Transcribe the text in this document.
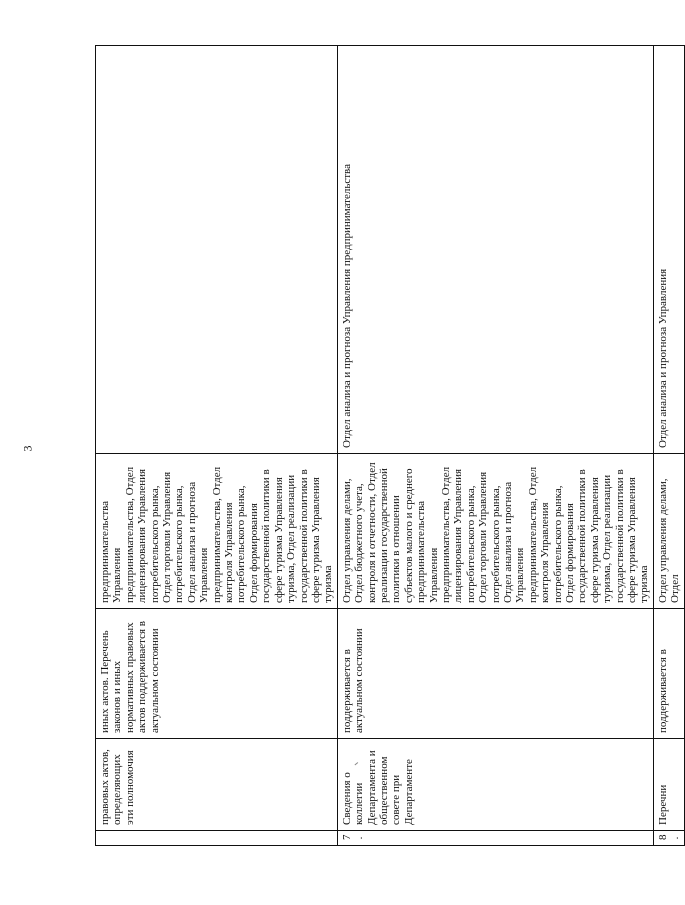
3
	правовых актов, определяющих эти полномочия	иных актов. Перечень законов и иных нормативных правовых актов поддерживается в актуальном состоянии	предпринимательства Управления предпринимательства, Отдел лицензирования Управления потребительского рынка, Отдел торговли Управления потребительского рынка, Отдел анализа и прогноза Управления предпринимательства, Отдел контроля Управления потребительского рынка, Отдел формирования государственной политики в сфере туризма Управления туризма, Отдел реализации государственной политики в сфере туризма Управления туризма	
7.	Сведения о коллегии Департамента и общественном совете при Департаменте	поддерживается в актуальном состоянии	Отдел управления делами, Отдел бюджетного учета, контроля и отчетности, Отдел реализации государственной политики в отношении субъектов малого и среднего предпринимательства Управления предпринимательства, Отдел лицензирования Управления потребительского рынка, Отдел торговли Управления потребительского рынка, Отдел анализа и прогноза Управления предпринимательства, Отдел контроля Управления потребительского рынка, Отдел формирования государственной политики в сфере туризма Управления туризма, Отдел реализации государственной политики в сфере туризма Управления туризма	Отдел анализа и прогноза Управления предпринимательства
8.	Перечни	поддерживается в	Отдел управления делами, Отдел	Отдел анализа и прогноза Управления
